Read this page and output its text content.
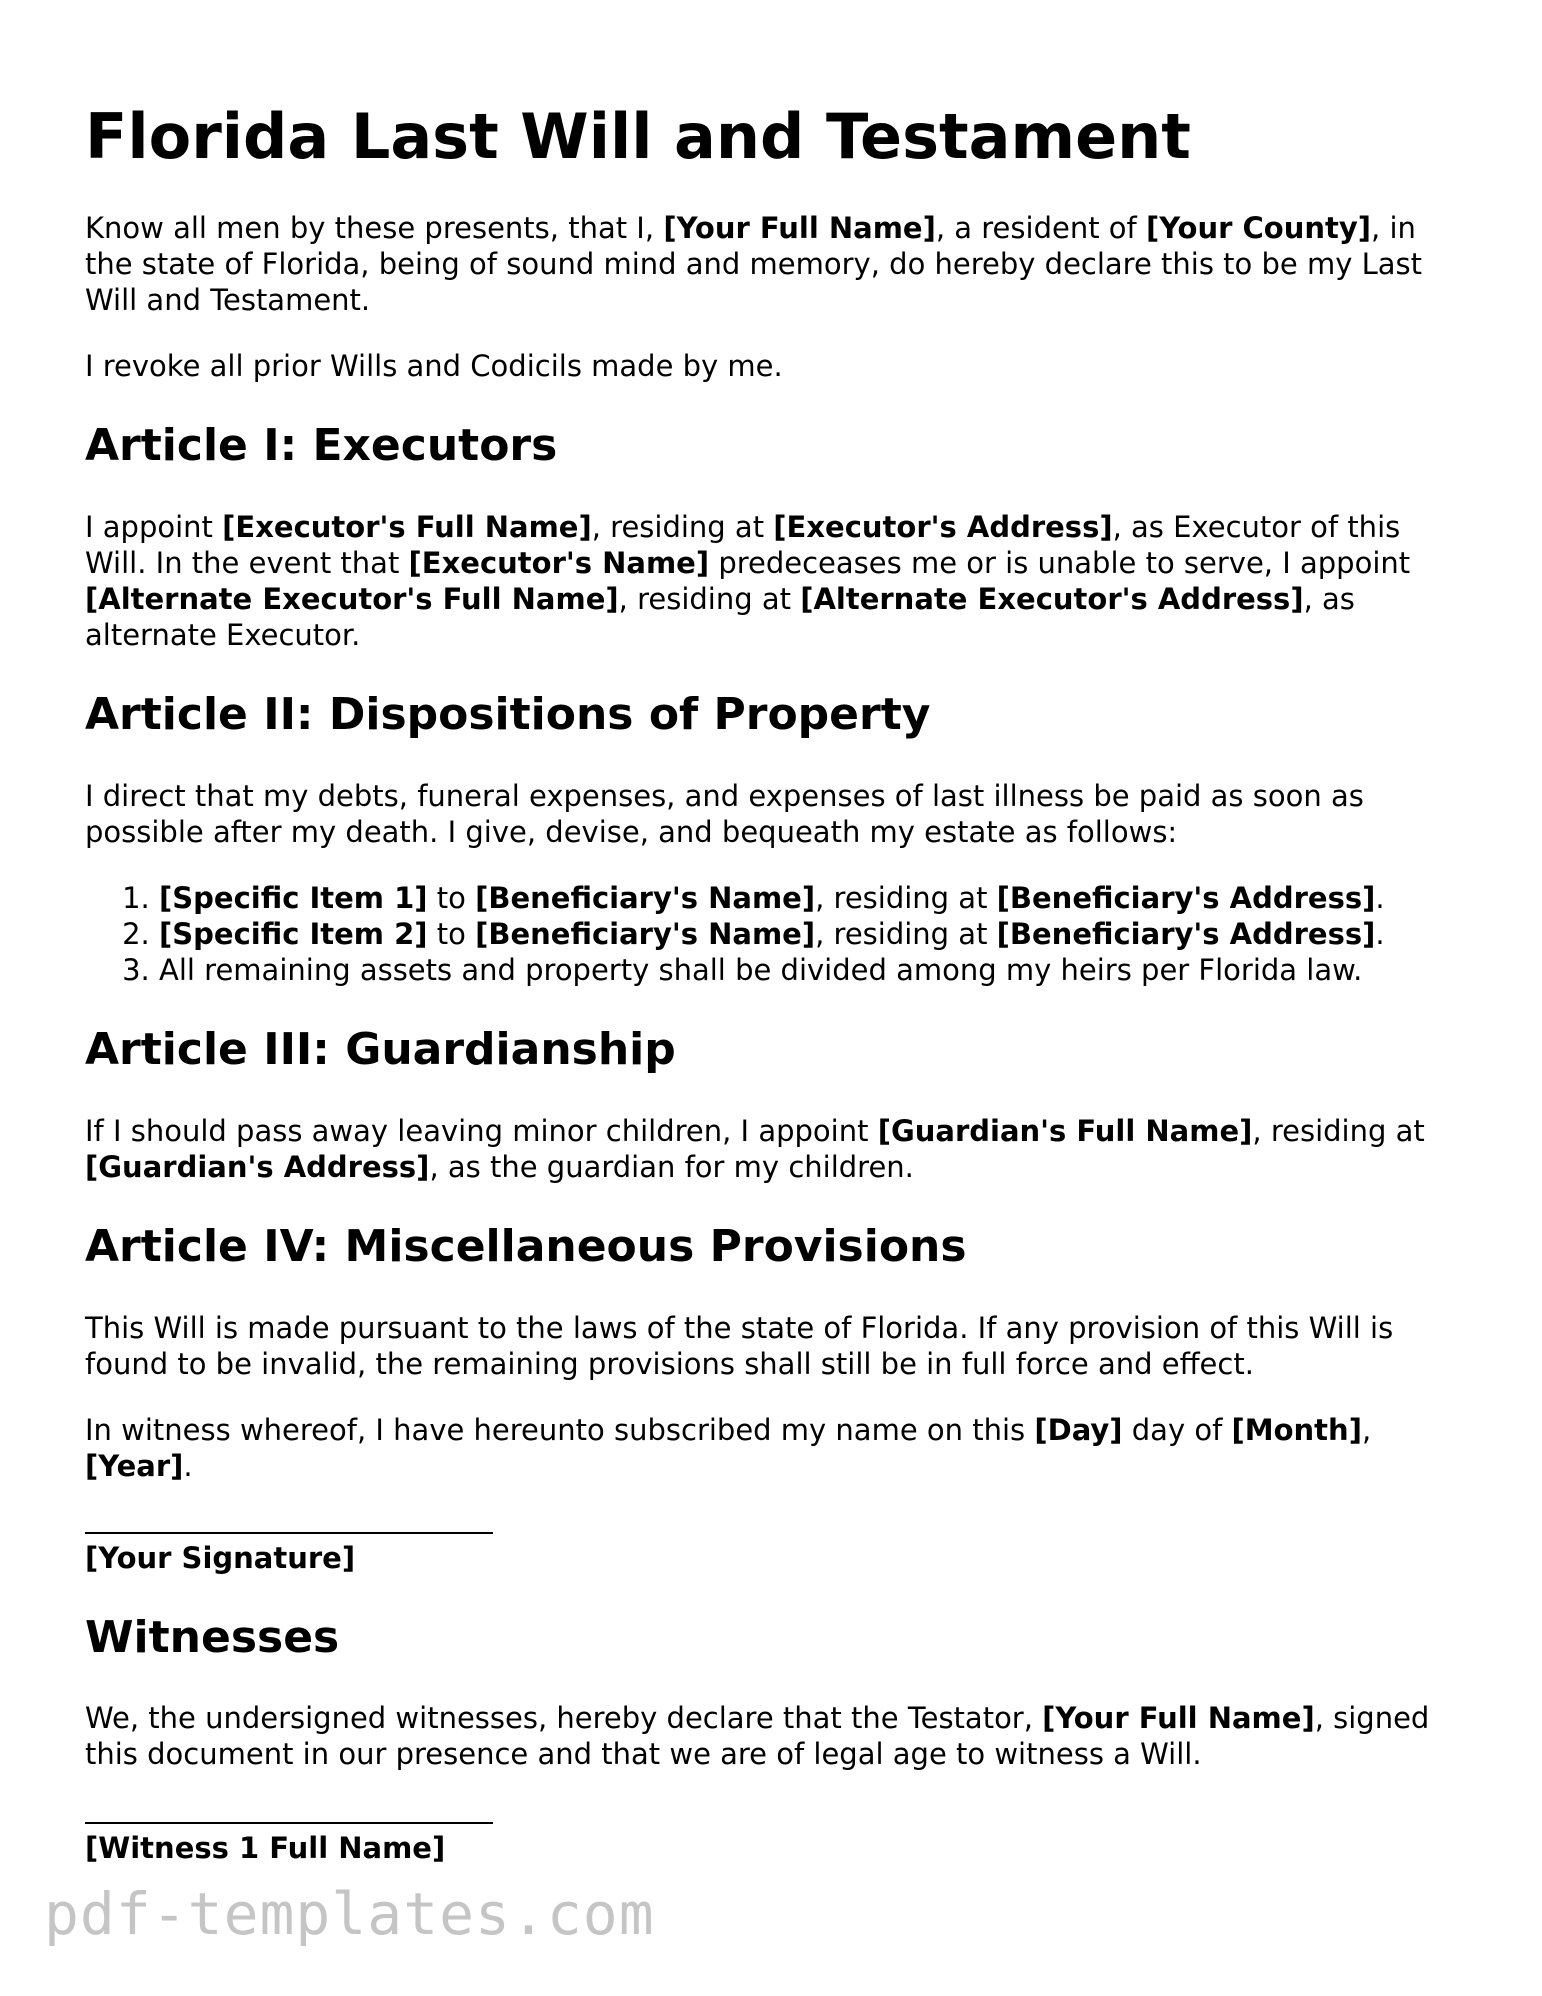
Florida Last Will and Testament

Know all men by these presents, that I, [Your Full Name], a resident of [Your County], in the state of Florida, being of sound mind and memory, do hereby declare this to be my Last Will and Testament.

I revoke all prior Wills and Codicils made by me.

Article I: Executors

I appoint [Executor's Full Name], residing at [Executor's Address], as Executor of this Will. In the event that [Executor's Name] predeceases me or is unable to serve, I appoint [Alternate Executor's Full Name], residing at [Alternate Executor's Address], as alternate Executor.

Article II: Dispositions of Property

I direct that my debts, funeral expenses, and expenses of last illness be paid as soon as possible after my death. I give, devise, and bequeath my estate as follows:

1. [Specific Item 1] to [Beneficiary's Name], residing at [Beneficiary's Address].
2. [Specific Item 2] to [Beneficiary's Name], residing at [Beneficiary's Address].
3. All remaining assets and property shall be divided among my heirs per Florida law.
Article III: Guardianship

If I should pass away leaving minor children, I appoint [Guardian's Full Name], residing at [Guardian's Address], as the guardian for my children.

Article IV: Miscellaneous Provisions

This Will is made pursuant to the laws of the state of Florida. If any provision of this Will is found to be invalid, the remaining provisions shall still be in full force and effect.

In witness whereof, I have hereunto subscribed my name on this [Day] day of [Month], [Year].

[Your Signature]

Witnesses

We, the undersigned witnesses, hereby declare that the Testator, [Your Full Name], signed this document in our presence and that we are of legal age to witness a Will.

[Witness 1 Full Name]

pdf-templates.com
